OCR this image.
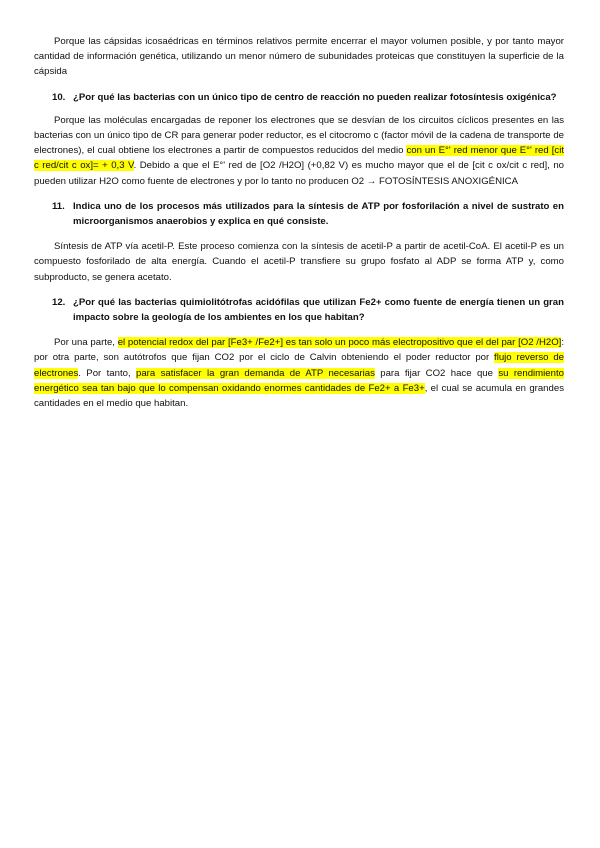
Porque las cápsidas icosaédricas en términos relativos permite encerrar el mayor volumen posible, y por tanto mayor cantidad de información genética, utilizando un menor número de subunidades proteicas que constituyen la superficie de la cápsida

10. ¿Por qué las bacterias con un único tipo de centro de reacción no pueden realizar fotosíntesis oxigénica?

Porque las moléculas encargadas de reponer los electrones que se desvían de los circuitos cíclicos presentes en las bacterias con un único tipo de CR para generar poder reductor, es el citocromo c (factor móvil de la cadena de transporte de electrones), el cual obtiene los electrones a partir de compuestos reducidos del medio con un E°' red menor que E°' red [cit c red/cit c ox]= + 0,3 V. Debido a que el E°' red de [O2 /H2O] (+0,82 V) es mucho mayor que el de [cit c ox/cit c red], no pueden utilizar H2O como fuente de electrones y por lo tanto no producen O2 → FOTOSÍNTESIS ANOXIGÉNICA

11. Indica uno de los procesos más utilizados para la síntesis de ATP por fosforilación a nivel de sustrato en microorganismos anaerobios y explica en qué consiste.

Síntesis de ATP vía acetil-P. Este proceso comienza con la síntesis de acetil-P a partir de acetil-CoA. El acetil-P es un compuesto fosforilado de alta energía. Cuando el acetil-P transfiere su grupo fosfato al ADP se forma ATP y, como subproducto, se genera acetato.

12. ¿Por qué las bacterias quimiolitótrofas acidófilas que utilizan Fe2+ como fuente de energía tienen un gran impacto sobre la geología de los ambientes en los que habitan?

Por una parte, el potencial redox del par [Fe3+ /Fe2+] es tan solo un poco más electropositivo que el del par [O2 /H2O]: por otra parte, son autótrofos que fijan CO2 por el ciclo de Calvin obteniendo el poder reductor por flujo reverso de electrones. Por tanto, para satisfacer la gran demanda de ATP necesarias para fijar CO2 hace que su rendimiento energético sea tan bajo que lo compensan oxidando enormes cantidades de Fe2+ a Fe3+, el cual se acumula en grandes cantidades en el medio que habitan.
